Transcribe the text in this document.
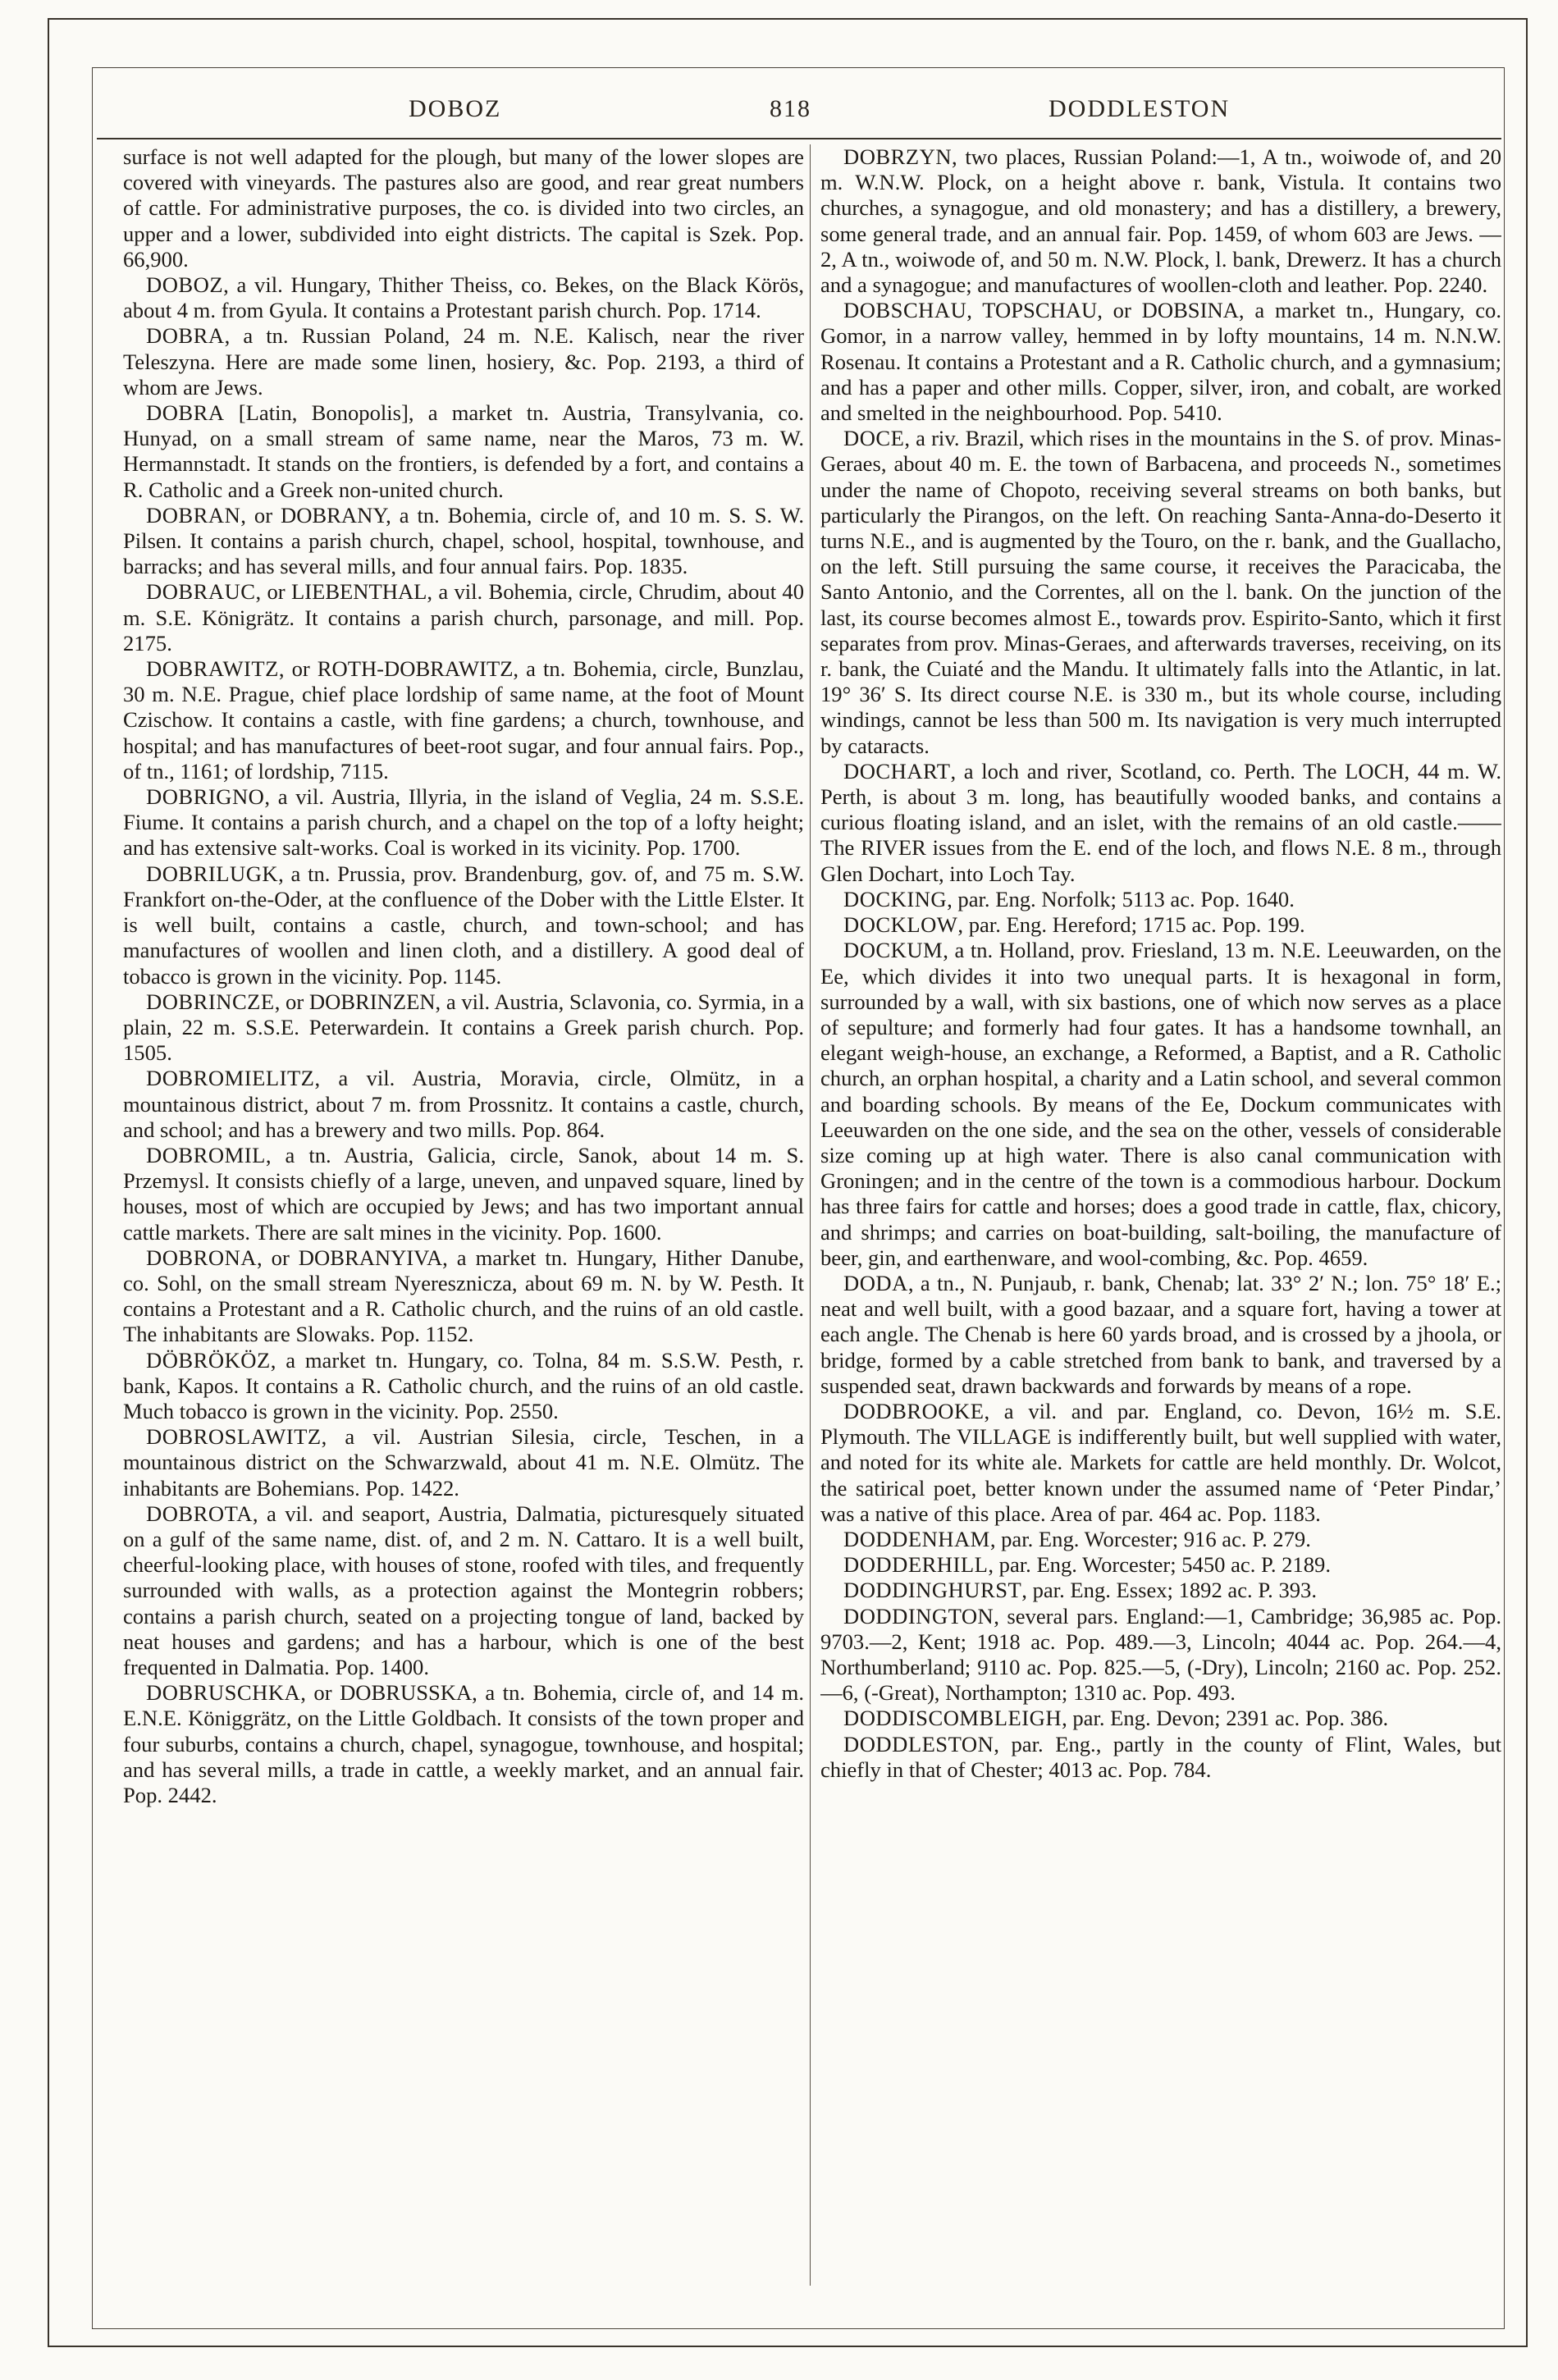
DOBOZ	818	DODDLESTON

surface is not well adapted for the plough, but many of the lower slopes are covered with vineyards. The pastures also are good, and rear great numbers of cattle. For administrative purposes, the co. is divided into two circles, an upper and a lower, subdivided into eight districts. The capital is Szek. Pop. 66,900.

DOBOZ, a vil. Hungary, Thither Theiss, co. Bekes, on the Black Körös, about 4 m. from Gyula. It contains a Protestant parish church. Pop. 1714.

DOBRA, a tn. Russian Poland, 24 m. N.E. Kalisch, near the river Teleszyna. Here are made some linen, hosiery, &c. Pop. 2193, a third of whom are Jews.

DOBRA [Latin, Bonopolis], a market tn. Austria, Transylvania, co. Hunyad, on a small stream of same name, near the Maros, 73 m. W. Hermannstadt. It stands on the frontiers, is defended by a fort, and contains a R. Catholic and a Greek non-united church.

DOBRAN, or DOBRANY, a tn. Bohemia, circle of, and 10 m. S. S. W. Pilsen. It contains a parish church, chapel, school, hospital, townhouse, and barracks; and has several mills, and four annual fairs. Pop. 1835.

DOBRAUC, or LIEBENTHAL, a vil. Bohemia, circle, Chrudim, about 40 m. S.E. Königrätz. It contains a parish church, parsonage, and mill. Pop. 2175.

DOBRAWITZ, or ROTH-DOBRAWITZ, a tn. Bohemia, circle, Bunzlau, 30 m. N.E. Prague, chief place lordship of same name, at the foot of Mount Czischow. It contains a castle, with fine gardens; a church, townhouse, and hospital; and has manufactures of beet-root sugar, and four annual fairs. Pop., of tn., 1161; of lordship, 7115.

DOBRIGNO, a vil. Austria, Illyria, in the island of Veglia, 24 m. S.S.E. Fiume. It contains a parish church, and a chapel on the top of a lofty height; and has extensive salt-works. Coal is worked in its vicinity. Pop. 1700.

DOBRILUGK, a tn. Prussia, prov. Brandenburg, gov. of, and 75 m. S.W. Frankfort on-the-Oder, at the confluence of the Dober with the Little Elster. It is well built, contains a castle, church, and town-school; and has manufactures of woollen and linen cloth, and a distillery. A good deal of tobacco is grown in the vicinity. Pop. 1145.

DOBRINCZE, or DOBRINZEN, a vil. Austria, Sclavonia, co. Syrmia, in a plain, 22 m. S.S.E. Peterwardein. It contains a Greek parish church. Pop. 1505.

DOBROMIELITZ, a vil. Austria, Moravia, circle, Olmütz, in a mountainous district, about 7 m. from Prossnitz. It contains a castle, church, and school; and has a brewery and two mills. Pop. 864.

DOBROMIL, a tn. Austria, Galicia, circle, Sanok, about 14 m. S. Przemysl. It consists chiefly of a large, uneven, and unpaved square, lined by houses, most of which are occupied by Jews; and has two important annual cattle markets. There are salt mines in the vicinity. Pop. 1600.

DOBRONA, or DOBRANYIVA, a market tn. Hungary, Hither Danube, co. Sohl, on the small stream Nyeresznicza, about 69 m. N. by W. Pesth. It contains a Protestant and a R. Catholic church, and the ruins of an old castle. The inhabitants are Slowaks. Pop. 1152.

DÖBRÖKÖZ, a market tn. Hungary, co. Tolna, 84 m. S.S.W. Pesth, r. bank, Kapos. It contains a R. Catholic church, and the ruins of an old castle. Much tobacco is grown in the vicinity. Pop. 2550.

DOBROSLAWITZ, a vil. Austrian Silesia, circle, Teschen, in a mountainous district on the Schwarzwald, about 41 m. N.E. Olmütz. The inhabitants are Bohemians. Pop. 1422.

DOBROTA, a vil. and seaport, Austria, Dalmatia, picturesquely situated on a gulf of the same name, dist. of, and 2 m. N. Cattaro. It is a well built, cheerful-looking place, with houses of stone, roofed with tiles, and frequently surrounded with walls, as a protection against the Montegrin robbers; contains a parish church, seated on a projecting tongue of land, backed by neat houses and gardens; and has a harbour, which is one of the best frequented in Dalmatia. Pop. 1400.

DOBRUSCHKA, or DOBRUSSKA, a tn. Bohemia, circle of, and 14 m. E.N.E. Königgrätz, on the Little Goldbach. It consists of the town proper and four suburbs, contains a church, chapel, synagogue, townhouse, and hospital; and has several mills, a trade in cattle, a weekly market, and an annual fair. Pop. 2442.

DOBRZYN, two places, Russian Poland:—1, A tn., woiwode of, and 20 m. W.N.W. Plock, on a height above r. bank, Vistula. It contains two churches, a synagogue, and old monastery; and has a distillery, a brewery, some general trade, and an annual fair. Pop. 1459, of whom 603 are Jews. —2, A tn., woiwode of, and 50 m. N.W. Plock, l. bank, Drewerz. It has a church and a synagogue; and manufactures of woollen-cloth and leather. Pop. 2240.

DOBSCHAU, TOPSCHAU, or DOBSINA, a market tn., Hungary, co. Gomor, in a narrow valley, hemmed in by lofty mountains, 14 m. N.N.W. Rosenau. It contains a Protestant and a R. Catholic church, and a gymnasium; and has a paper and other mills. Copper, silver, iron, and cobalt, are worked and smelted in the neighbourhood. Pop. 5410.

DOCE, a riv. Brazil, which rises in the mountains in the S. of prov. Minas-Geraes, about 40 m. E. the town of Barbacena, and proceeds N., sometimes under the name of Chopoto, receiving several streams on both banks, but particularly the Pirangos, on the left. On reaching Santa-Anna-do-Deserto it turns N.E., and is augmented by the Touro, on the r. bank, and the Guallacho, on the left. Still pursuing the same course, it receives the Paracicaba, the Santo Antonio, and the Correntes, all on the l. bank. On the junction of the last, its course becomes almost E., towards prov. Espirito-Santo, which it first separates from prov. Minas-Geraes, and afterwards traverses, receiving, on its r. bank, the Cuiaté and the Mandu. It ultimately falls into the Atlantic, in lat. 19° 36′ S. Its direct course N.E. is 330 m., but its whole course, including windings, cannot be less than 500 m. Its navigation is very much interrupted by cataracts.

DOCHART, a loch and river, Scotland, co. Perth. The LOCH, 44 m. W. Perth, is about 3 m. long, has beautifully wooded banks, and contains a curious floating island, and an islet, with the remains of an old castle.——The RIVER issues from the E. end of the loch, and flows N.E. 8 m., through Glen Dochart, into Loch Tay.

DOCKING, par. Eng. Norfolk; 5113 ac. Pop. 1640.

DOCKLOW, par. Eng. Hereford; 1715 ac. Pop. 199.

DOCKUM, a tn. Holland, prov. Friesland, 13 m. N.E. Leeuwarden, on the Ee, which divides it into two unequal parts. It is hexagonal in form, surrounded by a wall, with six bastions, one of which now serves as a place of sepulture; and formerly had four gates. It has a handsome townhall, an elegant weigh-house, an exchange, a Reformed, a Baptist, and a R. Catholic church, an orphan hospital, a charity and a Latin school, and several common and boarding schools. By means of the Ee, Dockum communicates with Leeuwarden on the one side, and the sea on the other, vessels of considerable size coming up at high water. There is also canal communication with Groningen; and in the centre of the town is a commodious harbour. Dockum has three fairs for cattle and horses; does a good trade in cattle, flax, chicory, and shrimps; and carries on boat-building, salt-boiling, the manufacture of beer, gin, and earthenware, and wool-combing, &c. Pop. 4659.

DODA, a tn., N. Punjaub, r. bank, Chenab; lat. 33° 2′ N.; lon. 75° 18′ E.; neat and well built, with a good bazaar, and a square fort, having a tower at each angle. The Chenab is here 60 yards broad, and is crossed by a jhoola, or bridge, formed by a cable stretched from bank to bank, and traversed by a suspended seat, drawn backwards and forwards by means of a rope.

DODBROOKE, a vil. and par. England, co. Devon, 16½ m. S.E. Plymouth. The VILLAGE is indifferently built, but well supplied with water, and noted for its white ale. Markets for cattle are held monthly. Dr. Wolcot, the satirical poet, better known under the assumed name of ‘Peter Pindar,’ was a native of this place. Area of par. 464 ac. Pop. 1183.

DODDENHAM, par. Eng. Worcester; 916 ac. P. 279.

DODDERHILL, par. Eng. Worcester; 5450 ac. P. 2189.

DODDINGHURST, par. Eng. Essex; 1892 ac. P. 393.

DODDINGTON, several pars. England:—1, Cambridge; 36,985 ac. Pop. 9703.—2, Kent; 1918 ac. Pop. 489.—3, Lincoln; 4044 ac. Pop. 264.—4, Northumberland; 9110 ac. Pop. 825.—5, (-Dry), Lincoln; 2160 ac. Pop. 252.—6, (-Great), Northampton; 1310 ac. Pop. 493.

DODDISCOMBLEIGH, par. Eng. Devon; 2391 ac. Pop. 386.

DODDLESTON, par. Eng., partly in the county of Flint, Wales, but chiefly in that of Chester; 4013 ac. Pop. 784.
